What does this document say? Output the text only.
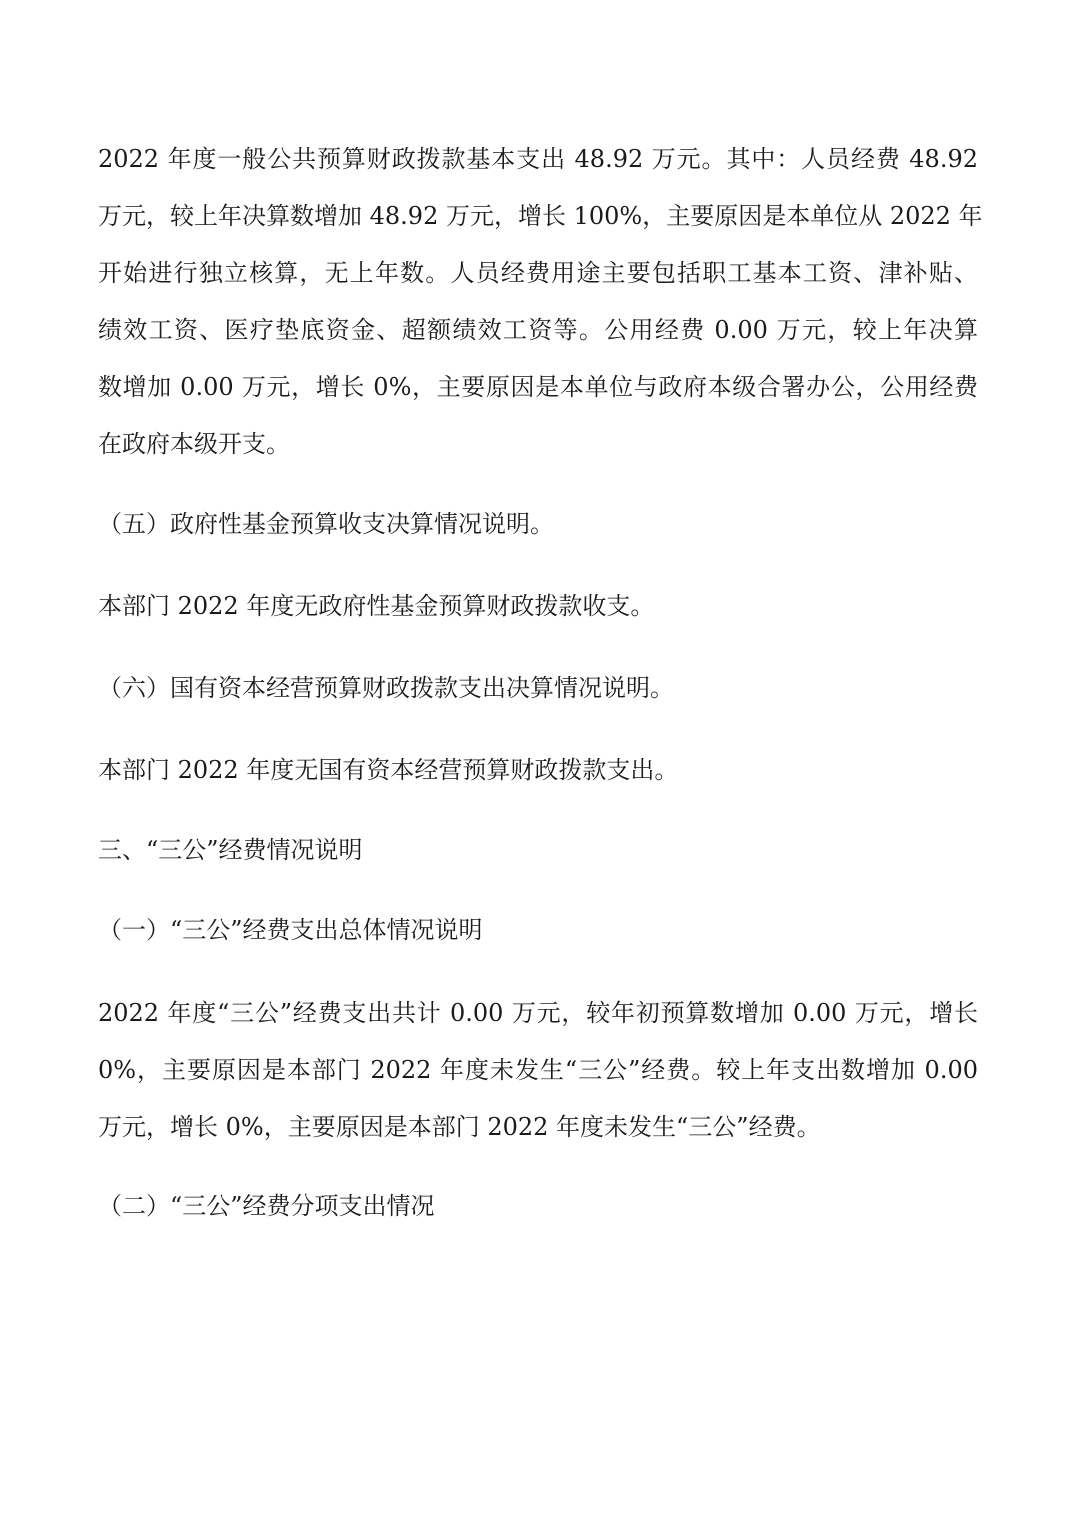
2022 年度一般公共预算财政拨款基本支出 48.92 万元。其中：人员经费 48.92
万元，较上年决算数增加 48.92 万元，增长 100%，主要原因是本单位从 2022 年
开始进行独立核算，无上年数。人员经费用途主要包括职工基本工资、津补贴、
绩效工资、医疗垫底资金、超额绩效工资等。公用经费 0.00 万元，较上年决算
数增加 0.00 万元，增长 0%，主要原因是本单位与政府本级合署办公，公用经费
在政府本级开支。
（五）政府性基金预算收支决算情况说明。
本部门 2022 年度无政府性基金预算财政拨款收支。
（六）国有资本经营预算财政拨款支出决算情况说明。
本部门 2022 年度无国有资本经营预算财政拨款支出。
三、“三公”经费情况说明
（一）“三公”经费支出总体情况说明
2022 年度“三公”经费支出共计 0.00 万元，较年初预算数增加 0.00 万元，增长
0%，主要原因是本部门 2022 年度未发生“三公”经费。较上年支出数增加 0.00
万元，增长 0%，主要原因是本部门 2022 年度未发生“三公”经费。
（二）“三公”经费分项支出情况
